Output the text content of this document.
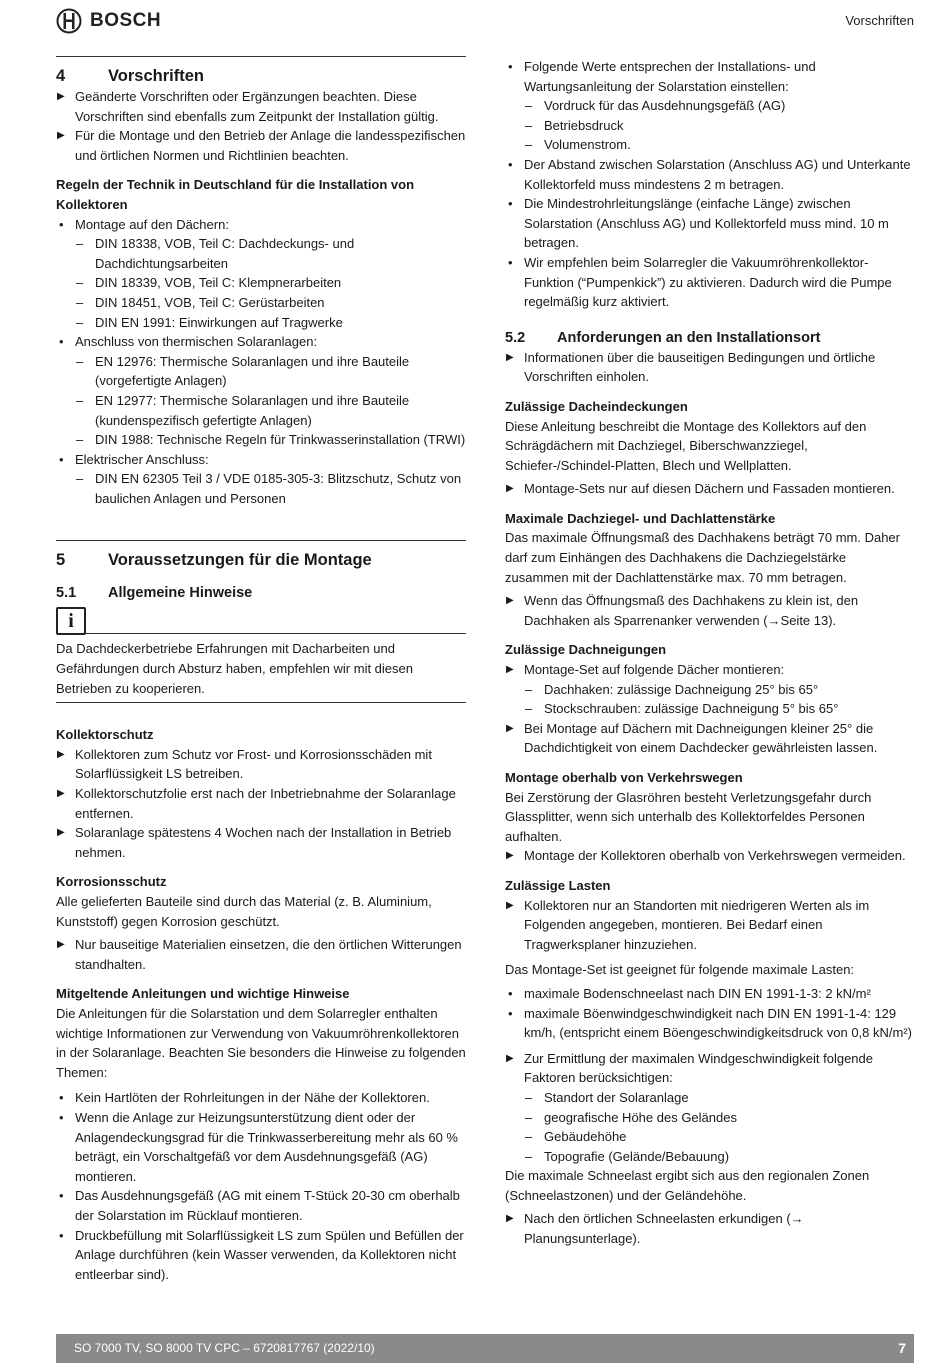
BOSCH	Vorschriften
4	Vorschriften
▶ Geänderte Vorschriften oder Ergänzungen beachten. Diese Vorschriften sind ebenfalls zum Zeitpunkt der Installation gültig.
▶ Für die Montage und den Betrieb der Anlage die landesspezifischen und örtlichen Normen und Richtlinien beachten.
Regeln der Technik in Deutschland für die Installation von Kollektoren
• Montage auf den Dächern:
– DIN 18338, VOB, Teil C: Dachdeckungs- und Dachdichtungsarbeiten
– DIN 18339, VOB, Teil C: Klempnerarbeiten
– DIN 18451, VOB, Teil C: Gerüstarbeiten
– DIN EN 1991: Einwirkungen auf Tragwerke
• Anschluss von thermischen Solaranlagen:
– EN 12976: Thermische Solaranlagen und ihre Bauteile (vorgefertigte Anlagen)
– EN 12977: Thermische Solaranlagen und ihre Bauteile (kundenspezifisch gefertigte Anlagen)
– DIN 1988: Technische Regeln für Trinkwasserinstallation (TRWI)
• Elektrischer Anschluss:
– DIN EN 62305 Teil 3 / VDE 0185-305-3: Blitzschutz, Schutz von baulichen Anlagen und Personen
5	Voraussetzungen für die Montage
5.1	Allgemeine Hinweise
i
Da Dachdeckerbetriebe Erfahrungen mit Dacharbeiten und Gefährdungen durch Absturz haben, empfehlen wir mit diesen Betrieben zu kooperieren.
Kollektorschutz
▶ Kollektoren zum Schutz vor Frost- und Korrosionsschäden mit Solarflüssigkeit LS betreiben.
▶ Kollektorschutzfolie erst nach der Inbetriebnahme der Solaranlage entfernen.
▶ Solaranlage spätestens 4 Wochen nach der Installation in Betrieb nehmen.
Korrosionsschutz

Alle gelieferten Bauteile sind durch das Material (z. B. Aluminium, Kunststoff) gegen Korrosion geschützt.

▶ Nur bauseitige Materialien einsetzen, die den örtlichen Witterungen standhalten.
Mitgeltende Anleitungen und wichtige Hinweise

Die Anleitungen für die Solarstation und dem Solarregler enthalten wichtige Informationen zur Verwendung von Vakuumröhrenkollektoren in der Solaranlage. Beachten Sie besonders die Hinweise zu folgenden Themen:

• Kein Hartlöten der Rohrleitungen in der Nähe der Kollektoren.
• Wenn die Anlage zur Heizungsunterstützung dient oder der Anlagendeckungsgrad für die Trinkwasserbereitung mehr als 60 % beträgt, ein Vorschaltgefäß vor dem Ausdehnungsgefäß (AG) montieren.
• Das Ausdehnungsgefäß (AG mit einem T-Stück 20-30 cm oberhalb der Solarstation im Rücklauf montieren.
• Druckbefüllung mit Solarflüssigkeit LS zum Spülen und Befüllen der Anlage durchführen (kein Wasser verwenden, da Kollektoren nicht entleerbar sind).
• Folgende Werte entsprechen der Installations- und Wartungsanleitung der Solarstation einstellen:
– Vordruck für das Ausdehnungsgefäß (AG)
– Betriebsdruck
– Volumenstrom.
• Der Abstand zwischen Solarstation (Anschluss AG) und Unterkante Kollektorfeld muss mindestens 2 m betragen.
• Die Mindestrohrleitungslänge (einfache Länge) zwischen Solarstation (Anschluss AG) und Kollektorfeld muss mind. 10 m betragen.
• Wir empfehlen beim Solarregler die Vakuumröhrenkollektor-Funktion (“Pumpenkick”) zu aktivieren. Dadurch wird die Pumpe regelmäßig kurz aktiviert.
5.2	Anforderungen an den Installationsort
▶ Informationen über die bauseitigen Bedingungen und örtliche Vorschriften einholen.
Zulässige Dacheindeckungen

Diese Anleitung beschreibt die Montage des Kollektors auf den Schrägdächern mit Dachziegel, Biberschwanzziegel, Schiefer-/Schindel-Platten, Blech und Wellplatten.

▶ Montage-Sets nur auf diesen Dächern und Fassaden montieren.
Maximale Dachziegel- und Dachlattenstärke

Das maximale Öffnungsmaß des Dachhakens beträgt 70 mm. Daher darf zum Einhängen des Dachhakens die Dachziegelstärke zusammen mit der Dachlattenstärke max. 70 mm betragen.

▶ Wenn das Öffnungsmaß des Dachhakens zu klein ist, den Dachhaken als Sparrenanker verwenden (→Seite 13).
Zulässige Dachneigungen
▶ Montage-Set auf folgende Dächer montieren:
– Dachhaken: zulässige Dachneigung 25° bis 65°
– Stockschrauben: zulässige Dachneigung 5° bis 65°
▶ Bei Montage auf Dächern mit Dachneigungen kleiner 25° die Dachdichtigkeit von einem Dachdecker gewährleisten lassen.
Montage oberhalb von Verkehrswegen

Bei Zerstörung der Glasröhren besteht Verletzungsgefahr durch Glassplitter, wenn sich unterhalb des Kollektorfeldes Personen aufhalten.

▶ Montage der Kollektoren oberhalb von Verkehrswegen vermeiden.
Zulässige Lasten
▶ Kollektoren nur an Standorten mit niedrigeren Werten als im Folgenden angegeben, montieren. Bei Bedarf einen Tragwerksplaner hinzuziehen.

Das Montage-Set ist geeignet für folgende maximale Lasten:

• maximale Bodenschneelast nach DIN EN 1991-1-3: 2 kN/m²
• maximale Böenwindgeschwindigkeit nach DIN EN 1991-1-4: 129 km/h, (entspricht einem Böengeschwindigkeitsdruck von 0,8 kN/m²)
▶ Zur Ermittlung der maximalen Windgeschwindigkeit folgende Faktoren berücksichtigen:
– Standort der Solaranlage
– geografische Höhe des Geländes
– Gebäudehöhe
– Topografie (Gelände/Bebauung)

Die maximale Schneelast ergibt sich aus den regionalen Zonen (Schneelastzonen) und der Geländehöhe.

▶ Nach den örtlichen Schneelasten erkundigen (→ Planungsunterlage).
SO 7000 TV, SO 8000 TV CPC – 6720817767 (2022/10)	7
